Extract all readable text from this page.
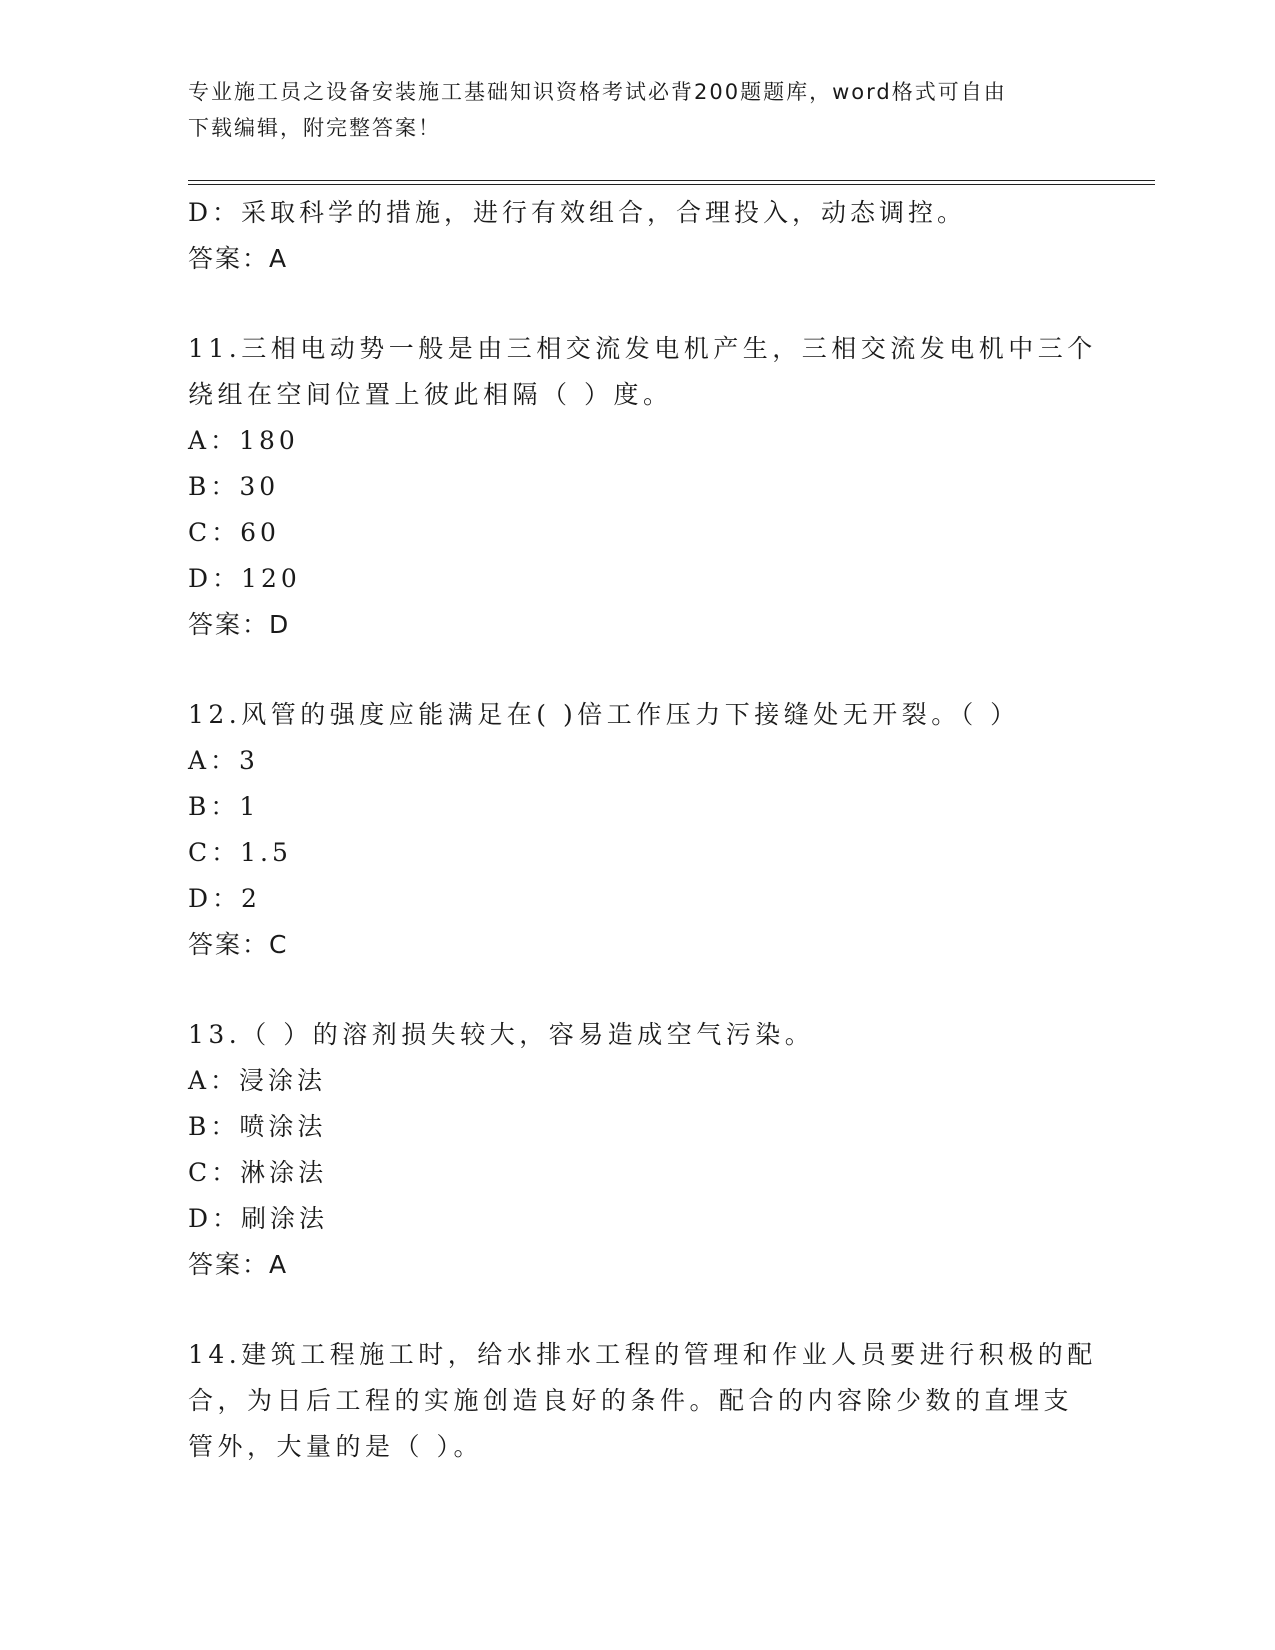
专业施工员之设备安装施工基础知识资格考试必背200题题库，word格式可自由
下载编辑，附完整答案！
D：采取科学的措施，进行有效组合，合理投入，动态调控。
答案：A
11.三相电动势一般是由三相交流发电机产生，三相交流发电机中三个
绕组在空间位置上彼此相隔（ ）度。
A：180
B：30
C：60
D：120
答案：D
12.风管的强度应能满足在( )倍工作压力下接缝处无开裂。（ ）
A：3
B：1
C：1.5
D：2
答案：C
13.（ ）的溶剂损失较大，容易造成空气污染。
A：浸涂法
B：喷涂法
C：淋涂法
D：刷涂法
答案：A
14.建筑工程施工时，给水排水工程的管理和作业人员要进行积极的配
合，为日后工程的实施创造良好的条件。配合的内容除少数的直埋支
管外，大量的是（ ）。
